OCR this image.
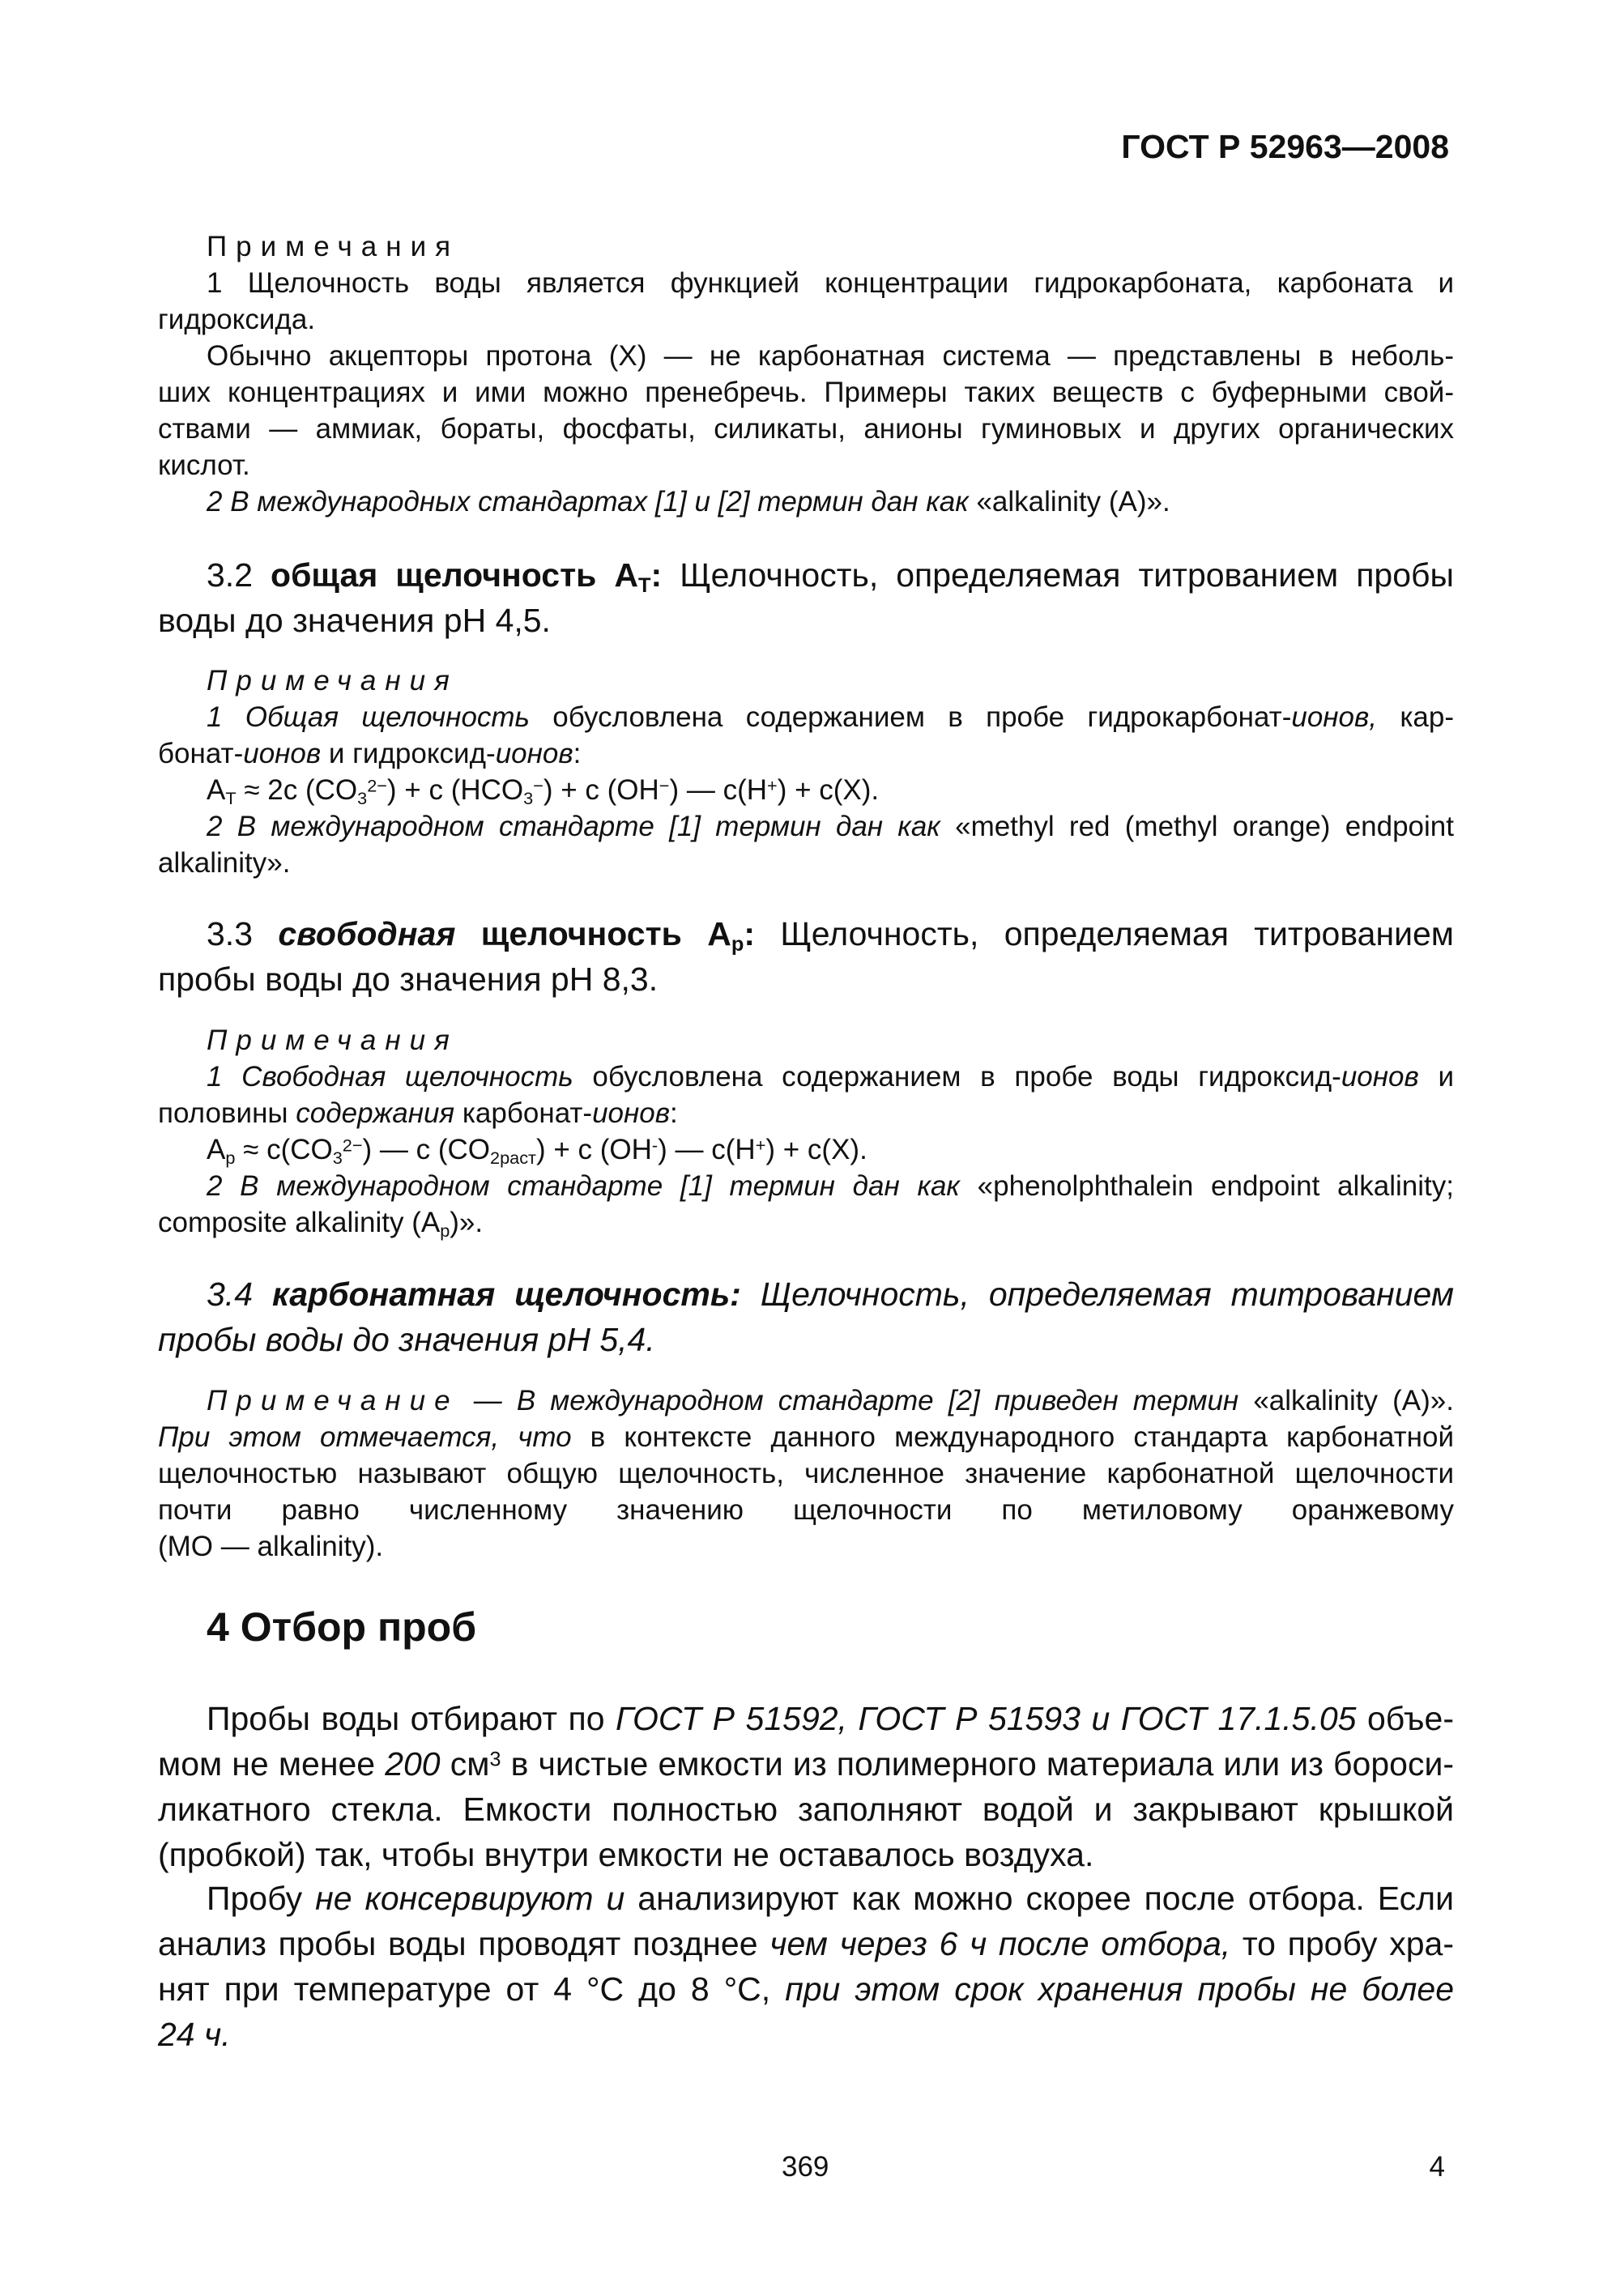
ГОСТ Р 52963—2008
Примечания
1 Щелочность воды является функцией концентрации гидрокарбоната, карбоната и
гидроксида.
Обычно акцепторы протона (Х) — не карбонатная система — представлены в неболь-
ших концентрациях и ими можно пренебречь. Примеры таких веществ с буферными свой-
ствами — аммиак, бораты, фосфаты, силикаты, анионы гуминовых и других органических
кислот.
2 В международных стандартах [1] и [2] термин дан как «alkalinity (A)».
3.2 общая щелочность $A_T$: Щелочность, определяемая титрованием пробы
воды до значения pH 4,5.
Примечания
1 Общая щелочность обусловлена содержанием в пробе гидрокарбонат-ионов, кар-
бонат-ионов и гидроксид-ионов:
$A_T \approx 2c$ $(CO_3^{2-}) + c$ $(HCO_3^-) + c$ (OH−) — c(H+) + c(X).
2 В международном стандарте [1] термин дан как «methyl red (methyl orange) endpoint
alkalinity».
3.3 свободная щелочность $A_p$: Щелочность, определяемая титрованием
пробы воды до значения pH 8,3.
Примечания
1 Свободная щелочность обусловлена содержанием в пробе воды гидроксид-ионов и
половины содержания карбонат-ионов:
$A_p \approx c(CO_3^{2-})$ — c $(CO_{2раст}) + c$ (OH-) — c(H+) + c(X).
2 В международном стандарте [1] термин дан как «phenolphthalein endpoint alkalinity;
composite alkalinity $(A_p)$».
3.4 карбонатная щелочность: Щелочность, определяемая титрованием
пробы воды до значения pH 5,4.
Примечание — В международном стандарте [2] приведен термин «alkalinity (A)».
При этом отмечается, что в контексте данного международного стандарта карбонатной
щелочностью называют общую щелочность, численное значение карбонатной щелочности
почти равно численному значению щелочности по метиловому оранжевому
(МО — alkalinity).
4 Отбор проб
Пробы воды отбирают по ГОСТ Р 51592, ГОСТ Р 51593 и ГОСТ 17.1.5.05 объе-
мом не менее 200 $см^3$ в чистые емкости из полимерного материала или из борoси-
ликатного стекла. Емкости полностью заполняют водой и закрывают крышкой
(пробкой) так, чтобы внутри емкости не оставалось воздуха.
Пробу не консервируют и анализируют как можно скорее после отбора. Если
анализ пробы воды проводят позднее чем через 6 ч после отбора, то пробу хра-
нят при температуре от 4 °С до 8 °С, при этом срок хранения пробы не более
24 ч.
369	4
